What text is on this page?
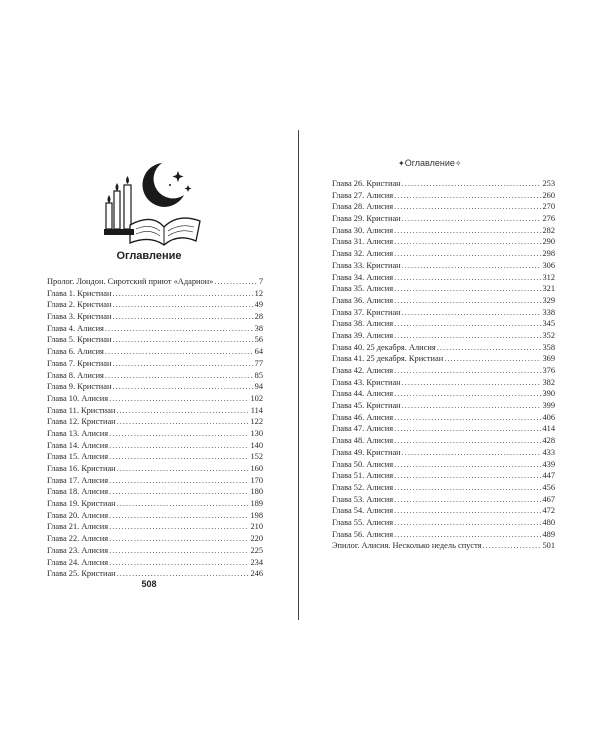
Оглавление
Пролог. Лондон. Сиротский приют «Адарион» .....	7
Глава 1. Кристиан .....	12
Глава 2. Кристиан .....	49
Глава 3. Кристиан .....	28
Глава 4. Алисия .....	38
Глава 5. Кристиан .....	56
Глава 6. Алисия .....	64
Глава 7. Кристиан .....	77
Глава 8. Алисия .....	85
Глава 9. Кристиан .....	94
Глава 10. Алисия .....	102
Глава 11. Кристиан .....	114
Глава 12. Кристиан .....	122
Глава 13. Алисия .....	130
Глава 14. Алисия .....	140
Глава 15. Алисия .....	152
Глава 16. Кристиан .....	160
Глава 17. Алисия .....	170
Глава 18. Алисия .....	180
Глава 19. Кристиан .....	189
Глава 20. Алисия .....	198
Глава 21. Алисия .....	210
Глава 22. Алисия .....	220
Глава 23. Алисия .....	225
Глава 24. Алисия .....	234
Глава 25. Кристиан .....	246
508
✦Оглавление✧
Глава 26. Кристиан .....	253
Глава 27. Алисия .....	260
Глава 28. Алисия .....	270
Глава 29. Кристиан .....	276
Глава 30. Алисия .....	282
Глава 31. Алисия .....	290
Глава 32. Алисия .....	298
Глава 33. Кристиан .....	306
Глава 34. Алисия .....	312
Глава 35. Алисия .....	321
Глава 36. Алисия .....	329
Глава 37. Кристиан .....	338
Глава 38. Алисия .....	345
Глава 39. Алисия .....	352
Глава 40. 25 декабря. Алисия .....	358
Глава 41. 25 декабря. Кристиан .....	369
Глава 42. Алисия .....	376
Глава 43. Кристиан .....	382
Глава 44. Алисия .....	390
Глава 45. Кристиан .....	399
Глава 46. Алисия .....	406
Глава 47. Алисия .....	414
Глава 48. Алисия .....	428
Глава 49. Кристиан .....	433
Глава 50. Алисия .....	439
Глава 51. Алисия .....	447
Глава 52. Алисия .....	456
Глава 53. Алисия .....	467
Глава 54. Алисия .....	472
Глава 55. Алисия .....	480
Глава 56. Алисия .....	489
Эпилог. Алисия. Несколько недель спустя .....	501
